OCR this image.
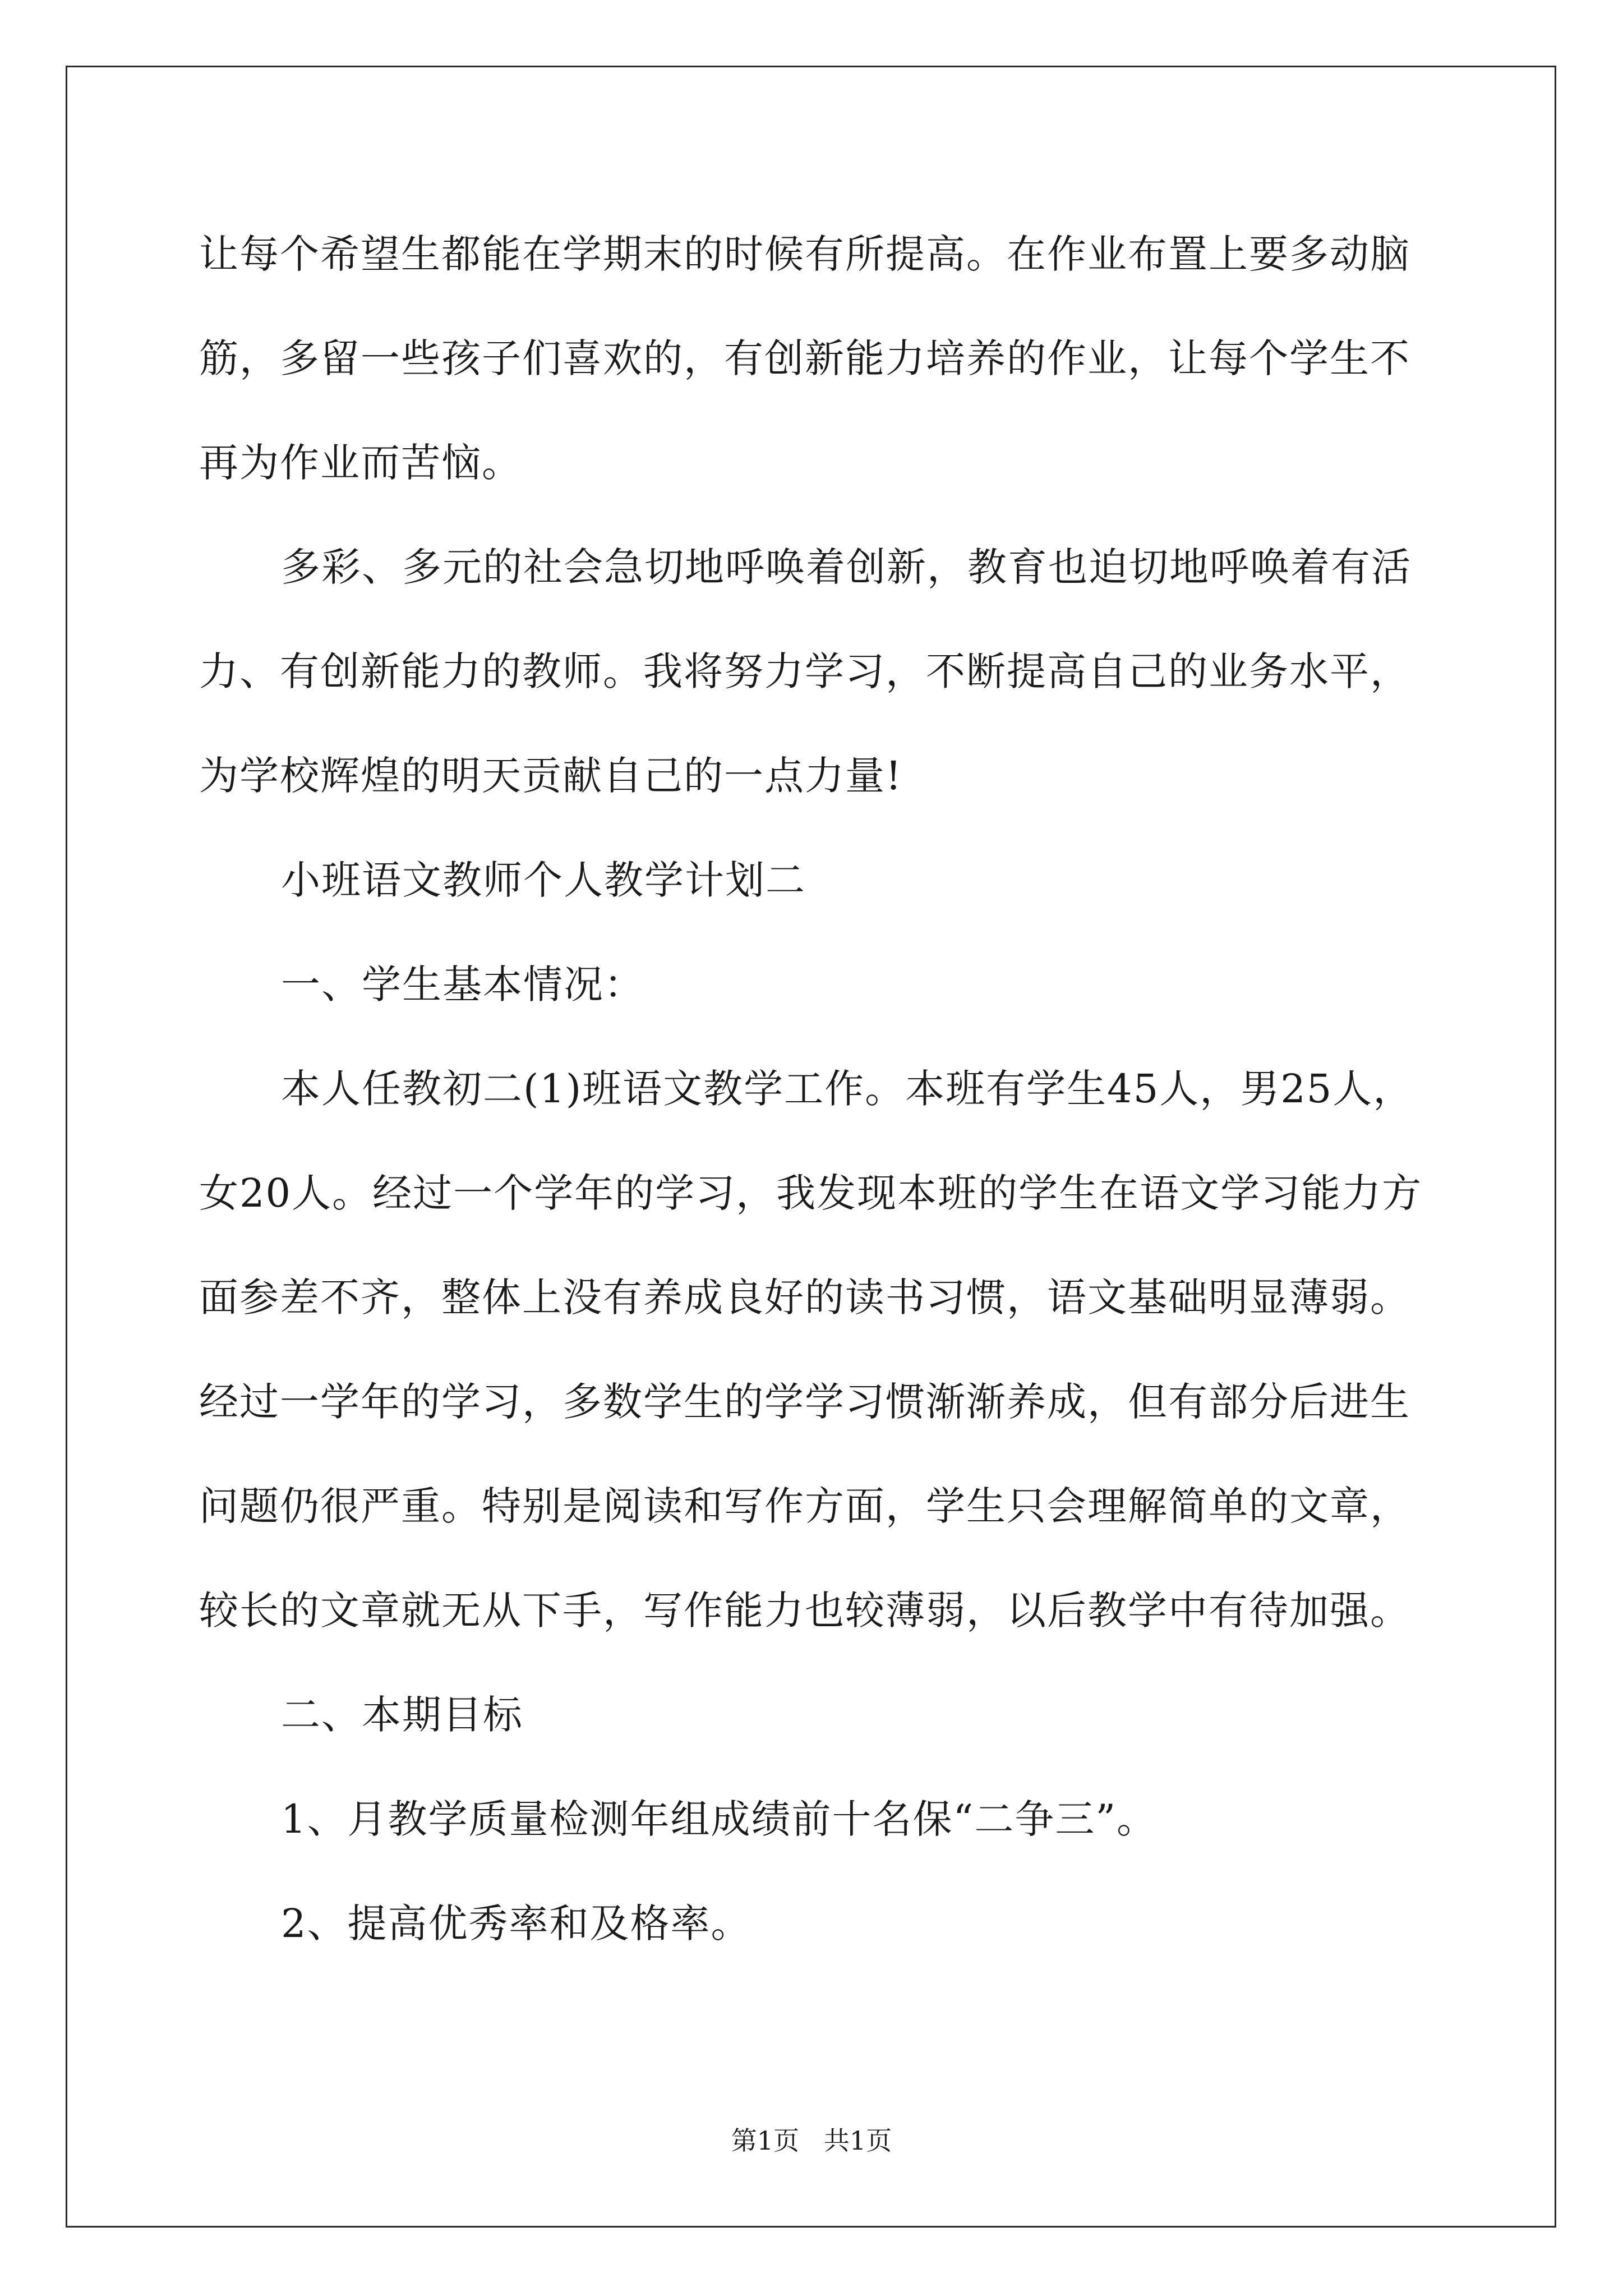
让每个希望生都能在学期末的时候有所提高。在作业布置上要多动脑
筋，多留一些孩子们喜欢的，有创新能力培养的作业，让每个学生不
再为作业而苦恼。
多彩、多元的社会急切地呼唤着创新，教育也迫切地呼唤着有活
力、有创新能力的教师。我将努力学习，不断提高自己的业务水平，
为学校辉煌的明天贡献自己的一点力量!
小班语文教师个人教学计划二
一、学生基本情况：
本人任教初二(1)班语文教学工作。本班有学生45人，男25人，
女20人。经过一个学年的学习，我发现本班的学生在语文学习能力方
面参差不齐，整体上没有养成良好的读书习惯，语文基础明显薄弱。
经过一学年的学习，多数学生的学学习惯渐渐养成，但有部分后进生
问题仍很严重。特别是阅读和写作方面，学生只会理解简单的文章，
较长的文章就无从下手，写作能力也较薄弱，以后教学中有待加强。
二、本期目标
1、月教学质量检测年组成绩前十名保“二争三”。
2、提高优秀率和及格率。
第1页   共1页
